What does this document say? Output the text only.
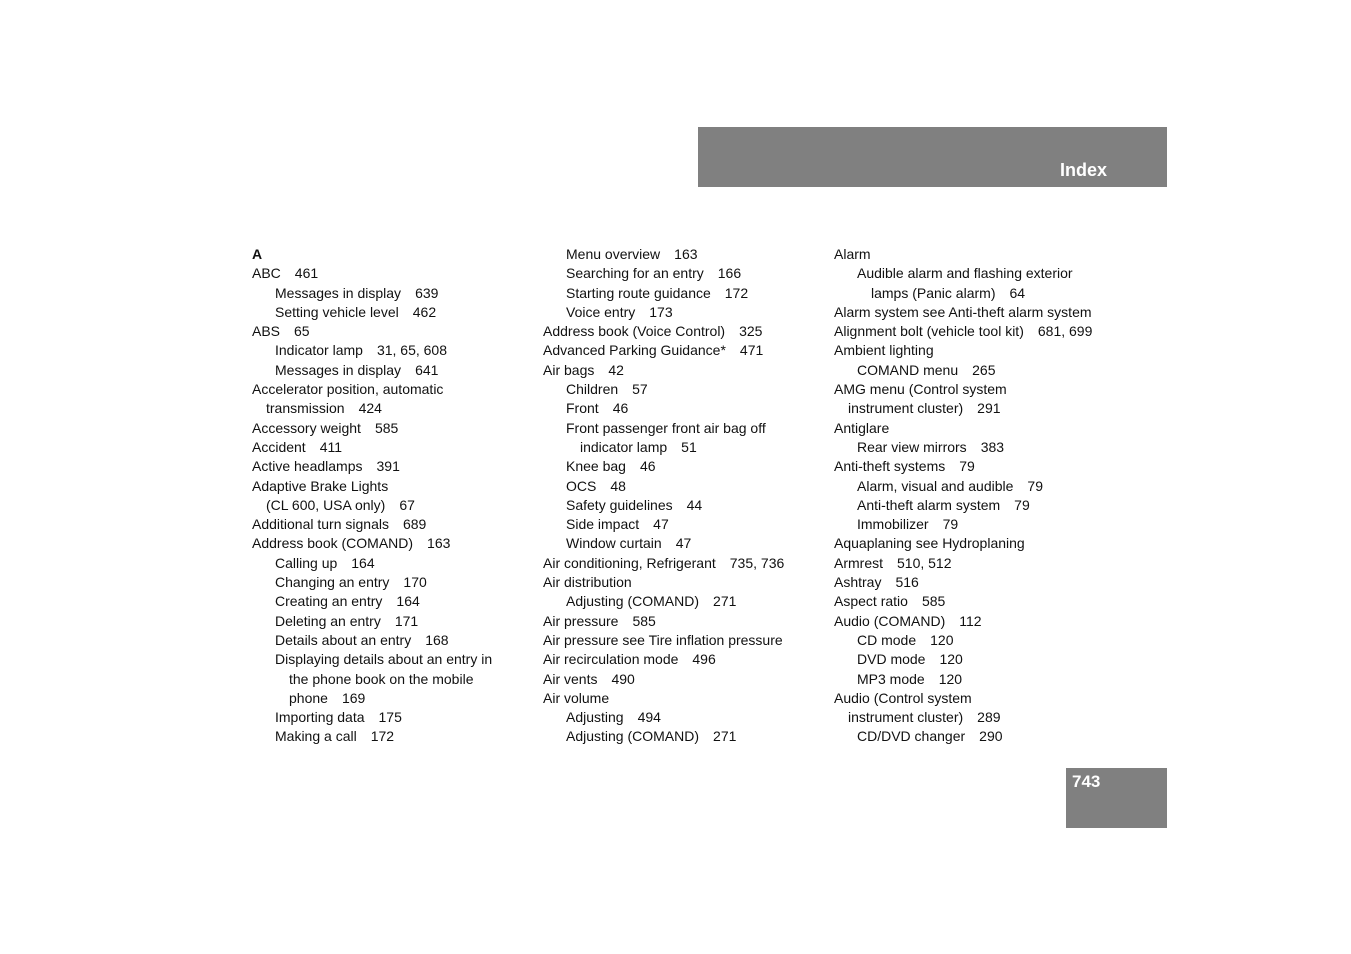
Index
A
ABC 461
Messages in display 639
Setting vehicle level 462
ABS 65
Indicator lamp 31, 65, 608
Messages in display 641
Accelerator position, automatic
transmission 424
Accessory weight 585
Accident 411
Active headlamps 391
Adaptive Brake Lights
(CL 600, USA only) 67
Additional turn signals 689
Address book (COMAND) 163
Calling up 164
Changing an entry 170
Creating an entry 164
Deleting an entry 171
Details about an entry 168
Displaying details about an entry in
the phone book on the mobile
phone 169
Importing data 175
Making a call 172
Menu overview 163
Searching for an entry 166
Starting route guidance 172
Voice entry 173
Address book (Voice Control) 325
Advanced Parking Guidance* 471
Air bags 42
Children 57
Front 46
Front passenger front air bag off
indicator lamp 51
Knee bag 46
OCS 48
Safety guidelines 44
Side impact 47
Window curtain 47
Air conditioning, Refrigerant 735, 736
Air distribution
Adjusting (COMAND) 271
Air pressure 585
Air pressure see Tire inflation pressure
Air recirculation mode 496
Air vents 490
Air volume
Adjusting 494
Adjusting (COMAND) 271
Alarm
Audible alarm and flashing exterior
lamps (Panic alarm) 64
Alarm system see Anti-theft alarm system
Alignment bolt (vehicle tool kit) 681, 699
Ambient lighting
COMAND menu 265
AMG menu (Control system
instrument cluster) 291
Antiglare
Rear view mirrors 383
Anti-theft systems 79
Alarm, visual and audible 79
Anti-theft alarm system 79
Immobilizer 79
Aquaplaning see Hydroplaning
Armrest 510, 512
Ashtray 516
Aspect ratio 585
Audio (COMAND) 112
CD mode 120
DVD mode 120
MP3 mode 120
Audio (Control system
instrument cluster) 289
CD/DVD changer 290
743
